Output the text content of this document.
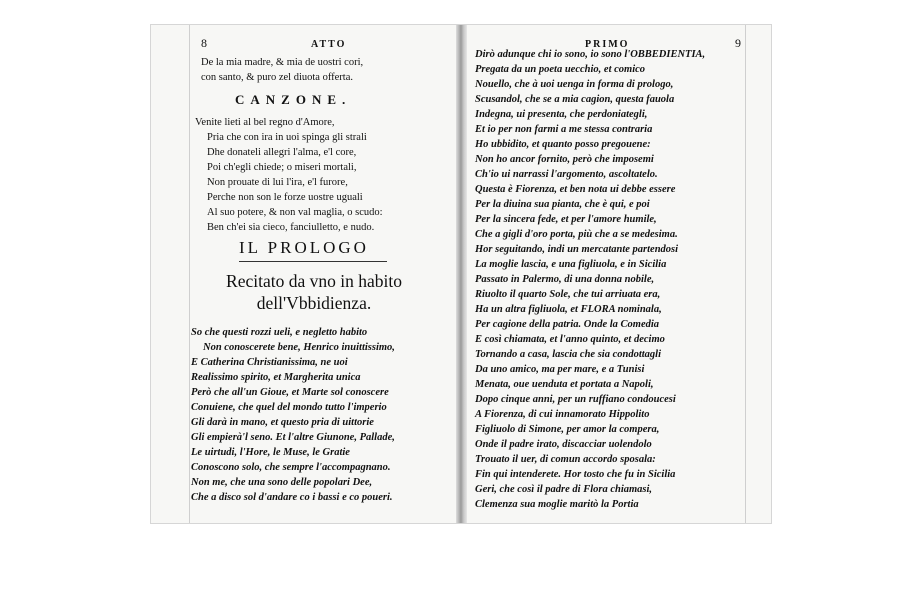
8	ATTO
De la mia madre, & mia de uostri cori,
con santo, & puro zel diuota offerta.
CANZONE.
Venite lieti al bel regno d'Amore,
Pria che con ira in uoi spinga gli strali
Dhe donateli allegri l'alma, e'l core,
Poi ch'egli chiede; o miseri mortali,
Non prouate di lui l'ira, e'l furore,
Perche non son le forze uostre uguali
Al suo potere, & non val maglia, o scudo:
Ben ch'ei sia cieco, fanciulletto, e nudo.
IL PROLOGO
Recitato da vno in habito
dell'Vbbidienza.
So che questi rozzi ueli, e negletto habito
Non conoscerete bene, Henrico inuittissimo,
E Catherina Christianissima, ne uoi
Realissimo spirito, et Margherita unica
Però che all'un Gioue, et Marte sol conoscere
Conuiene, che quel del mondo tutto l'imperio
Gli darà in mano, et questo pria di uittorie
Gli empierà'l seno. Et l'altre Giunone, Pallade,
Le uirtudi, l'Hore, le Muse, le Gratie
Conoscono solo, che sempre l'accompagnano.
Non me, che una sono delle popolari Dee,
Che a disco sol d'andare co i bassi e co poueri.
PRIMO	9
Dirò adunque chi io sono, io sono l'OBBEDIENTIA,
Pregata da un poeta uecchio, et comico
Nouello, che à uoi uenga in forma di prologo,
Scusandol, che se a mia cagion, questa fauola
Indegna, ui presenta, che perdoniategli,
Et io per non farmi a me stessa contraria
Ho ubbidito, et quanto posso pregouene:
Non ho ancor fornito, però che imposemi
Ch'io ui narrassi l'argomento, ascoltatelo.
Questa è Fiorenza, et ben nota ui debbe essere
Per la diuina sua pianta, che è qui, e poi
Per la sincera fede, et per l'amore humile,
Che a gigli d'oro porta, più che a se medesima.
Hor seguitando, indi un mercatante partendosi
La moglie lascia, e una figliuola, e in Sicilia
Passato in Palermo, di una donna nobile,
Riuolto il quarto Sole, che tui arriuata era,
Ha un altra figliuola, et FLORA nominala,
Per cagione della patria. Onde la Comedia
E così chiamata, et l'anno quinto, et decimo
Tornando a casa, lascia che sia condottagli
Da uno amico, ma per mare, e a Tunisi
Menata, oue uenduta et portata a Napoli,
Dopo cinque anni, per un ruffiano condoucesi
A Fiorenza, di cui innamorato Hippolito
Figliuolo di Simone, per amor la compera,
Onde il padre irato, discacciar uolendolo
Trouato il uer, di comun accordo sposala:
Fin qui intenderete. Hor tosto che fu in Sicilia
Geri, che così il padre di Flora chiamasi,
Clemenza sua moglie maritò la Portia
